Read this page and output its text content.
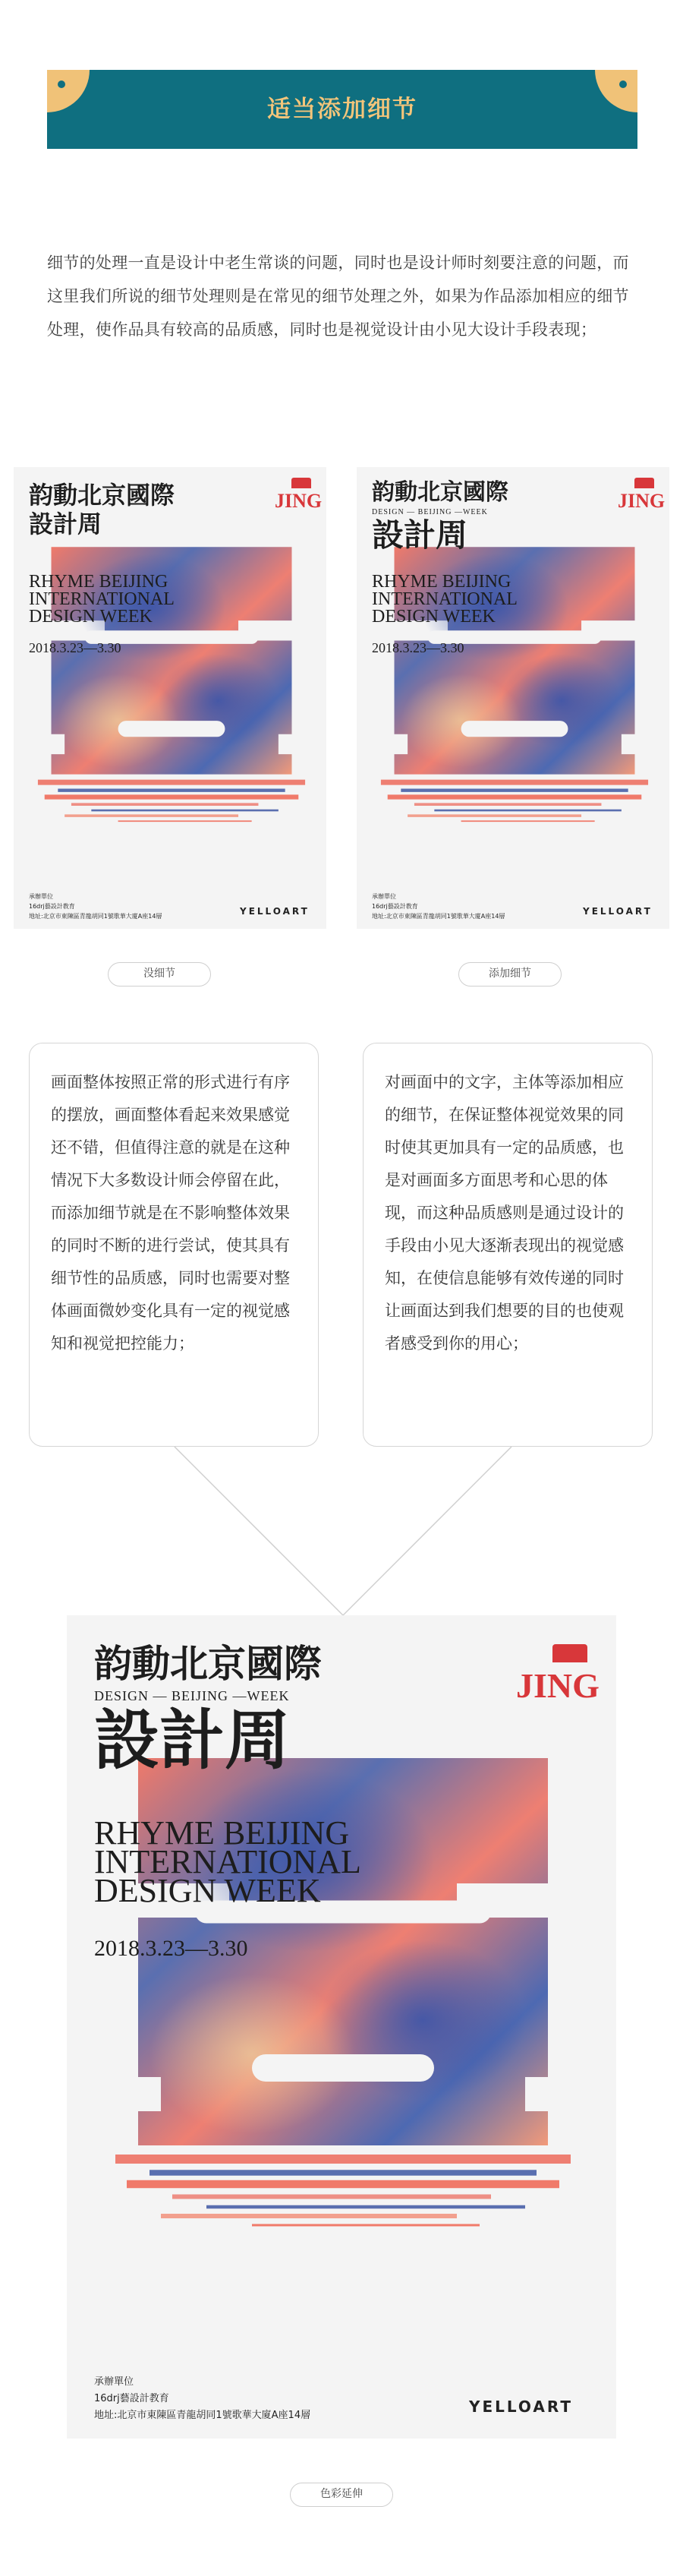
适当添加细节

细节的处理一直是设计中老生常谈的问题，同时也是设计师时刻要注意的问题，而这里我们所说的细节处理则是在常见的细节处理之外，如果为作品添加相应的细节处理，使作品具有较高的品质感，同时也是视觉设计由小见大设计手段表现；

韵動北京國際
設計周
RHYME BEIJING
INTERNATIONAL
DESIGN WEEK
2018.3.23—3.30
JING
承辦單位
16drj藝設計教育
地址:北京市東陳區青龍胡同1號歌華大廈A座14層	YELLOART
韵動北京國際
DESIGN — BEIJING —WEEK
設計周
RHYME BEIJING
INTERNATIONAL
DESIGN WEEK
2018.3.23—3.30
JING
承辦單位
16drj藝設計教育
地址:北京市東陳區青龍胡同1號歌華大廈A座14層	YELLOART
没细节	添加细节
画面整体按照正常的形式进行有序的摆放，画面整体看起来效果感觉还不错，但值得注意的就是在这种情况下大多数设计师会停留在此，而添加细节就是在不影响整体效果的同时不断的进行尝试，使其具有细节性的品质感，同时也需要对整体画面微妙变化具有一定的视觉感知和视觉把控能力；
对画面中的文字，主体等添加相应的细节，在保证整体视觉效果的同时使其更加具有一定的品质感，也是对画面多方面思考和心思的体现，而这种品质感则是通过设计的手段由小见大逐渐表现出的视觉感知，在使信息能够有效传递的同时让画面达到我们想要的目的也使观者感受到你的用心；
韵動北京國際
DESIGN — BEIJING —WEEK
設計周
RHYME BEIJING
INTERNATIONAL
DESIGN WEEK
2018.3.23—3.30
JING
承辦單位
16drj藝設計教育
地址:北京市東陳區青龍胡同1號歌華大廈A座14層	YELLOART
色彩延伸
